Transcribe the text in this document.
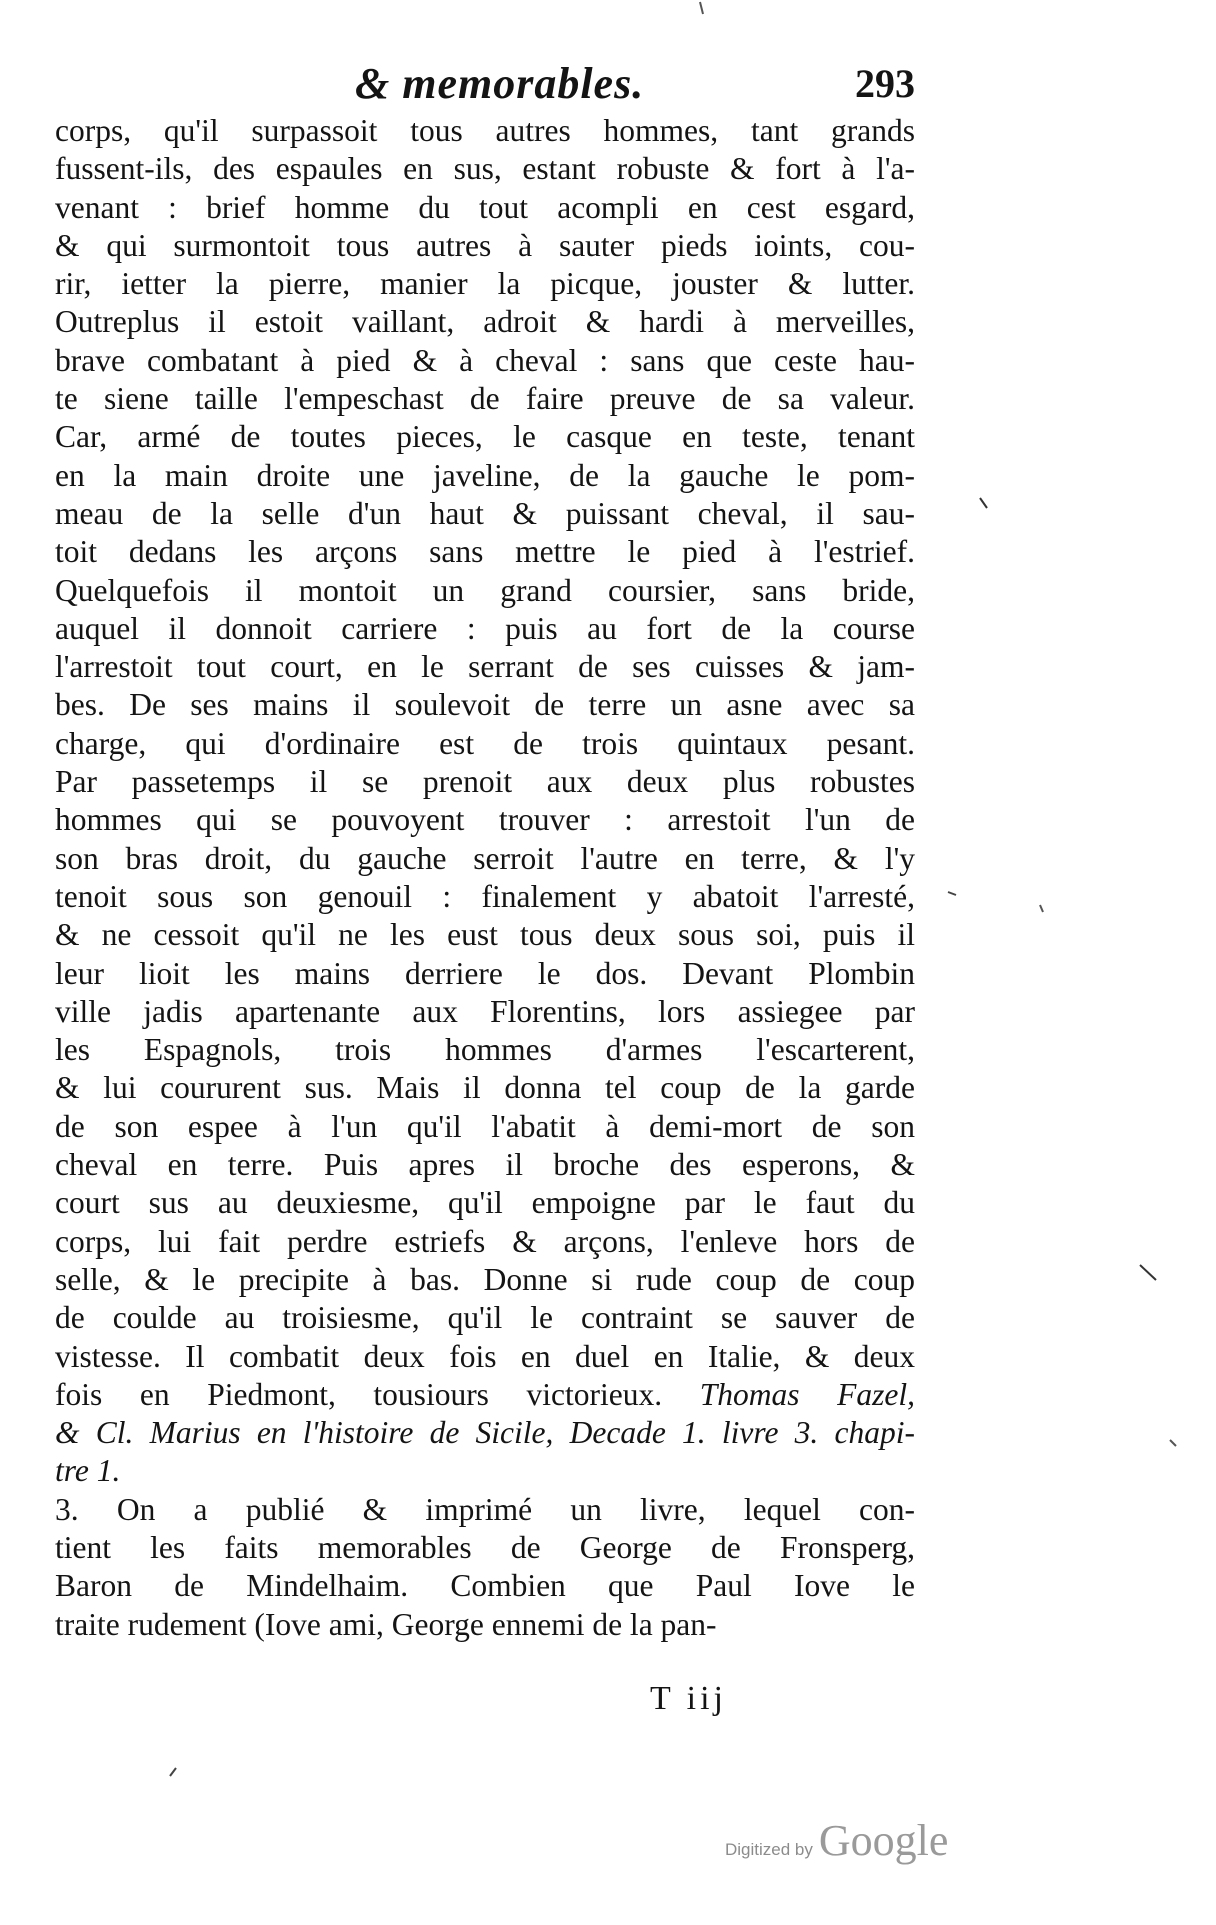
& memorables.	293
corps, qu'il surpassoit tous autres hommes, tant grands
fussent-ils, des espaules en sus, estant robuste & fort à l'a-
venant : brief homme du tout acompli en cest esgard,
& qui surmontoit tous autres à sauter pieds ioints, cou-
rir, ietter la pierre, manier la picque, jouster & lutter.
Outreplus il estoit vaillant, adroit & hardi à merveilles,
brave combatant à pied & à cheval : sans que ceste hau-
te siene taille l'empeschast de faire preuve de sa valeur.
Car, armé de toutes pieces, le casque en teste, tenant
en la main droite une javeline, de la gauche le pom-
meau de la selle d'un haut & puissant cheval, il sau-
toit dedans les arçons sans mettre le pied à l'estrief.
Quelquefois il montoit un grand coursier, sans bride,
auquel il donnoit carriere : puis au fort de la course
l'arrestoit tout court, en le serrant de ses cuisses & jam-
bes. De ses mains il soulevoit de terre un asne avec sa
charge, qui d'ordinaire est de trois quintaux pesant.
Par passetemps il se prenoit aux deux plus robustes
hommes qui se pouvoyent trouver : arrestoit l'un de
son bras droit, du gauche serroit l'autre en terre, & l'y
tenoit sous son genouil : finalement y abatoit l'arresté,
& ne cessoit qu'il ne les eust tous deux sous soi, puis il
leur lioit les mains derriere le dos. Devant Plombin
ville jadis apartenante aux Florentins, lors assiegee par
les Espagnols, trois hommes d'armes l'escarterent,
& lui coururent sus. Mais il donna tel coup de la garde
de son espee à l'un qu'il l'abatit à demi-mort de son
cheval en terre. Puis apres il broche des esperons, &
court sus au deuxiesme, qu'il empoigne par le faut du
corps, lui fait perdre estriefs & arçons, l'enleve hors de
selle, & le precipite à bas. Donne si rude coup de coup
de coulde au troisiesme, qu'il le contraint se sauver de
vistesse. Il combatit deux fois en duel en Italie, & deux
fois en Piedmont, tousiours victorieux. Thomas Fazel,
& Cl. Marius en l'histoire de Sicile, Decade 1. livre 3. chapi-
tre 1.
3. On a publié & imprimé un livre, lequel con-
tient les faits memorables de George de Fronsperg,
Baron de Mindelhaim. Combien que Paul Iove le
traite rudement (Iove ami, George ennemi de la pan-
T iij
Digitized by Google
